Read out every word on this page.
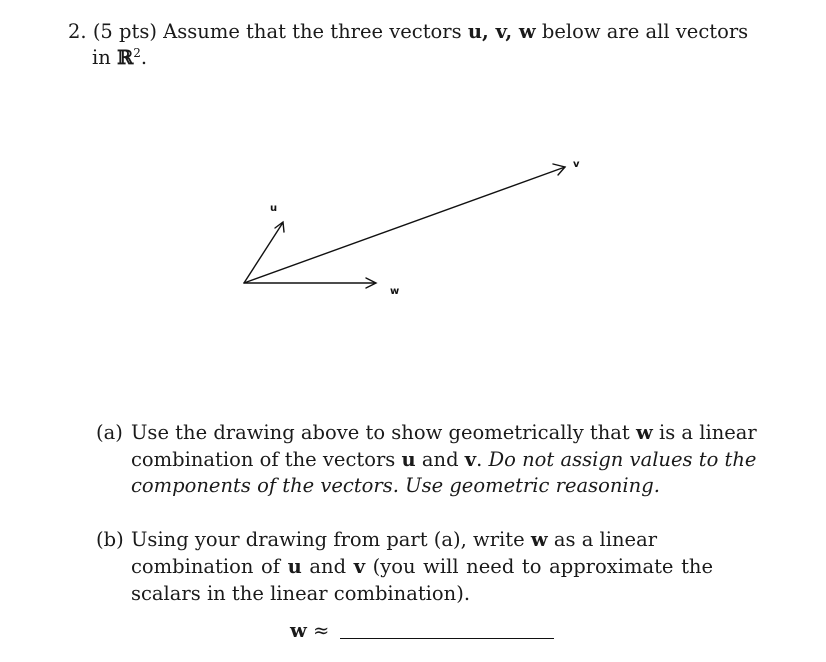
2. (5 pts) Assume that the three vectors u, v, w below are all vectors
in ℝ$^2$.
u
v
w
(a) Use the drawing above to show geometrically that w is a linear
combination of the vectors u and v. Do not assign values to the
components of the vectors. Use geometric reasoning.
(b) Using your drawing from part (a), write w as a linear
combination of u and v (you will need to approximate the
scalars in the linear combination).
w ≈
